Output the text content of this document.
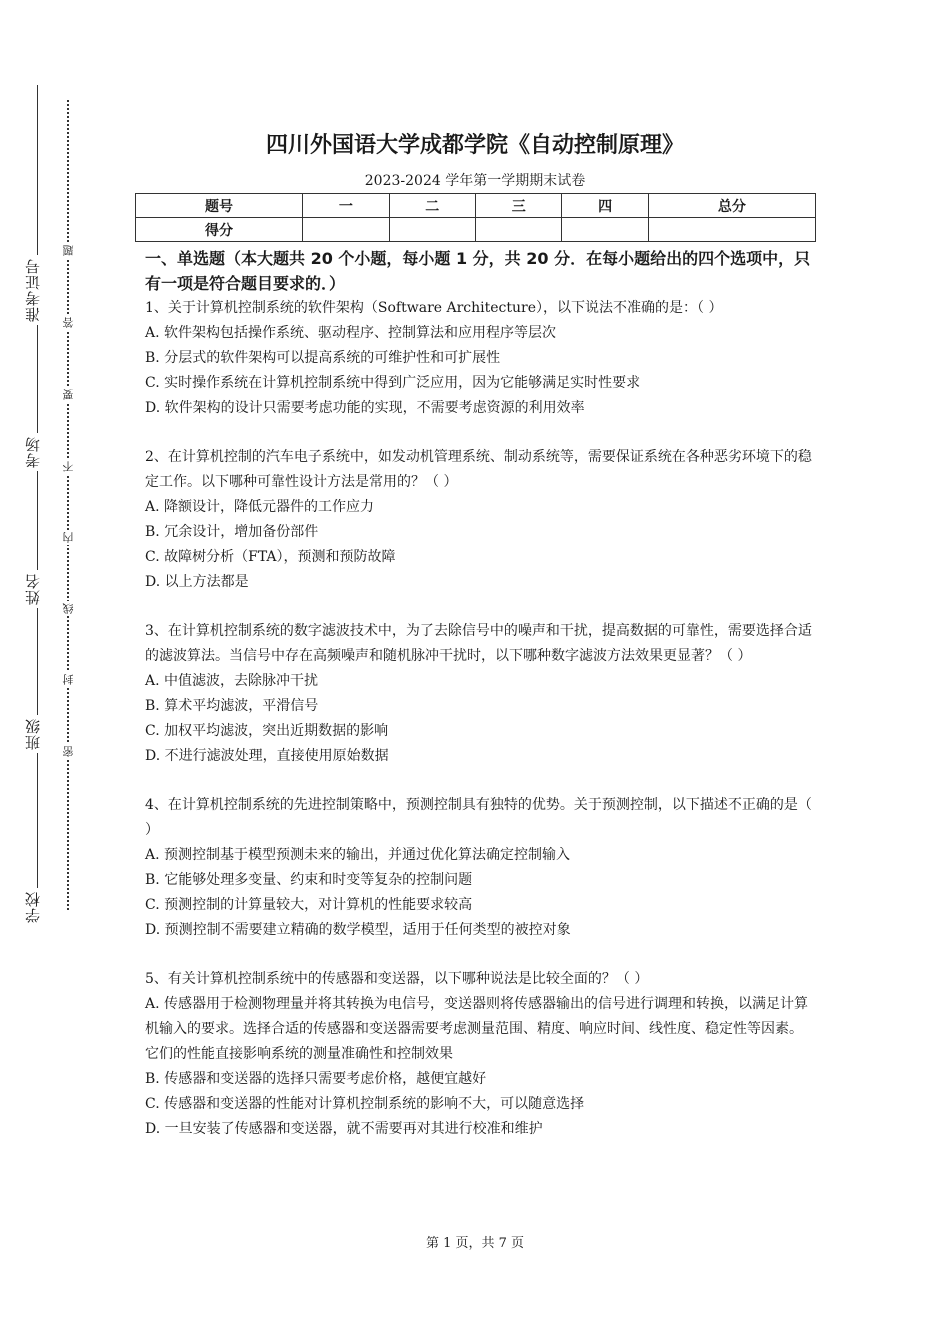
准考证号
考场
姓名
班级
学校
题
答
要
不
内
线
封
密
四川外国语大学成都学院《自动控制原理》
2023-2024 学年第一学期期末试卷
题号	一	二	三	四	总分
得分					
一、单选题（本大题共 20 个小题，每小题 1 分，共 20 分．在每小题给出的四个选项中，只有一项是符合题目要求的．）

1、关于计算机控制系统的软件架构（Software Architecture），以下说法不准确的是：（ ）

A. 软件架构包括操作系统、驱动程序、控制算法和应用程序等层次

B. 分层式的软件架构可以提高系统的可维护性和可扩展性

C. 实时操作系统在计算机控制系统中得到广泛应用，因为它能够满足实时性要求

D. 软件架构的设计只需要考虑功能的实现，不需要考虑资源的利用效率

2、在计算机控制的汽车电子系统中，如发动机管理系统、制动系统等，需要保证系统在各种恶劣环境下的稳定工作。以下哪种可靠性设计方法是常用的？（ ）

A. 降额设计，降低元器件的工作应力

B. 冗余设计，增加备份部件

C. 故障树分析（FTA），预测和预防故障

D. 以上方法都是

3、在计算机控制系统的数字滤波技术中，为了去除信号中的噪声和干扰，提高数据的可靠性，需要选择合适的滤波算法。当信号中存在高频噪声和随机脉冲干扰时，以下哪种数字滤波方法效果更显著？（ ）

A. 中值滤波，去除脉冲干扰

B. 算术平均滤波，平滑信号

C. 加权平均滤波，突出近期数据的影响

D. 不进行滤波处理，直接使用原始数据

4、在计算机控制系统的先进控制策略中，预测控制具有独特的优势。关于预测控制，以下描述不正确的是（ ）

A. 预测控制基于模型预测未来的输出，并通过优化算法确定控制输入

B. 它能够处理多变量、约束和时变等复杂的控制问题

C. 预测控制的计算量较大，对计算机的性能要求较高

D. 预测控制不需要建立精确的数学模型，适用于任何类型的被控对象

5、有关计算机控制系统中的传感器和变送器，以下哪种说法是比较全面的？（ ）

A. 传感器用于检测物理量并将其转换为电信号，变送器则将传感器输出的信号进行调理和转换，以满足计算机输入的要求。选择合适的传感器和变送器需要考虑测量范围、精度、响应时间、线性度、稳定性等因素。它们的性能直接影响系统的测量准确性和控制效果

B. 传感器和变送器的选择只需要考虑价格，越便宜越好

C. 传感器和变送器的性能对计算机控制系统的影响不大，可以随意选择

D. 一旦安装了传感器和变送器，就不需要再对其进行校准和维护

第 1 页，共 7 页
